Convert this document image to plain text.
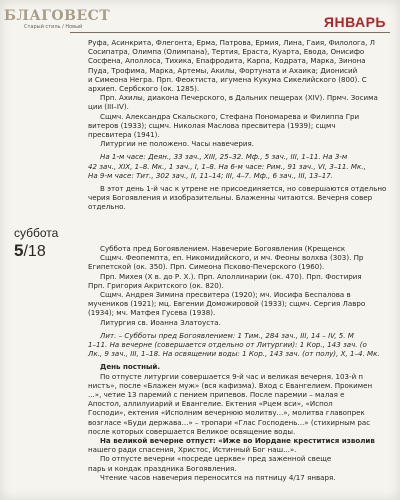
БЛАГОВЕСТ
Старый стиль / Новый	ЯНВАРЬ

Руфа, Асинкрита, Флегонта, Ерма, Патрова, Ермия, Лина, Гаия, Филолога, Л

Сосипатра, Олимпа (Олимпана), Тертия, Ераста, Куарта, Евода, Онисифо

Сосфена, Аполлоса, Тихика, Епафродита, Карпа, Кодрата, Марка, Зинона

Пуда, Трофима, Марка, Артемы, Акилы, Фортуната и Ахаика; Дионисий

и Симеона Негра. Прп. Феоктиста, игумена Кукума Сикелийского (800). С

архиеп. Сербского (ок. 1285).

Прп. Ахилы, диакона Печерского, в Дальних пещерах (XIV). Прмч. Зосима

ции (III–IV).

Сщмч. Александра Скальского, Стефана Пономарева и Филиппа Гри

витеров (1933); сщмч. Николая Маслова пресвитера (1939); сщмч

пресвитера (1941).

Литургии не положено. Часы навечерия.

На 1-м часе: Деян., 33 зач., XIII, 25–32. Мф., 5 зач., III, 1–11. На 3-м

42 зач., XIX, 1–8. Мк., 1 зач., I, 1–8. На 6-м часе: Рим., 91 зач., VI, 3–11. Мк.,

На 9-м часе: Тит., 302 зач., II, 11–14; III, 4–7. Мф., 6 зач., III, 13–17.

В этот день 1-й час к утрене не присоединяется, но совершаются отдельно

черия Богоявления и изобразительны. Блаженны читаются. Вечерня совер

отдельно.

суббота
5/18	Суббота пред Богоявлением. Навечерие Богоявления (Крещенск

Сщмч. Феопемпта, еп. Никомидийского, и мч. Феоны волхва (303). Пр

Египетской (ок. 350). Прп. Симеона Псково-Печерского (1960).

Прп. Михея (X в. до Р. Х.). Прп. Аполлинарии (ок. 470). Прп. Фостирия

Прп. Григория Акритского (ок. 820).

Сщмч. Андрея Зимина пресвитера (1920); мч. Иосифа Беспалова в

мучеников (1921); мц. Евгении Доможировой (1933); сщмч. Сергия Лавро

(1934); мч. Матфея Гусева (1938).

Литургия св. Иоанна Златоуста.

Лит. – Субботы пред Богоявлением: 1 Тим., 284 зач., III, 14 – IV, 5. М

1–11. На вечерне (совершается отдельно от Литургии): 1 Кор., 143 зач. (о

Лк., 9 зач., III, 1–18. На освящении воды: 1 Кор., 143 зач. (от полу), Х, 1–4. Мк.

День постный.

По отпусте литургии совершается 9-й час и великая вечерня. 103-й п

нистъ», после «Блажен муж» (вся кафизма). Вход с Евангелием. Прокимен

...», четие 13 паремий с пением припевов. После паремии – малая е

Апостол, аллилуиарий и Евангелие. Ектения «Рцем вси», «Испол

Господи», ектения «Исполним вечернюю молитву...», молитва главопрек

возгласе «Буди держава...» – тропари «Глас Господень...» (стихирным рас

после которых совершается Великое освящение воды.

На великой вечерне отпуст: «Иже во Иордане креститися изволив

нашего ради спасения, Христос, Истинный Бог наш...».

По отпусте вечерни «посреде церкве» пред заженной свеще

парь и кондак праздника Богоявления.

Чтение часов навечерия переносится на пятницу 4/17 января.
